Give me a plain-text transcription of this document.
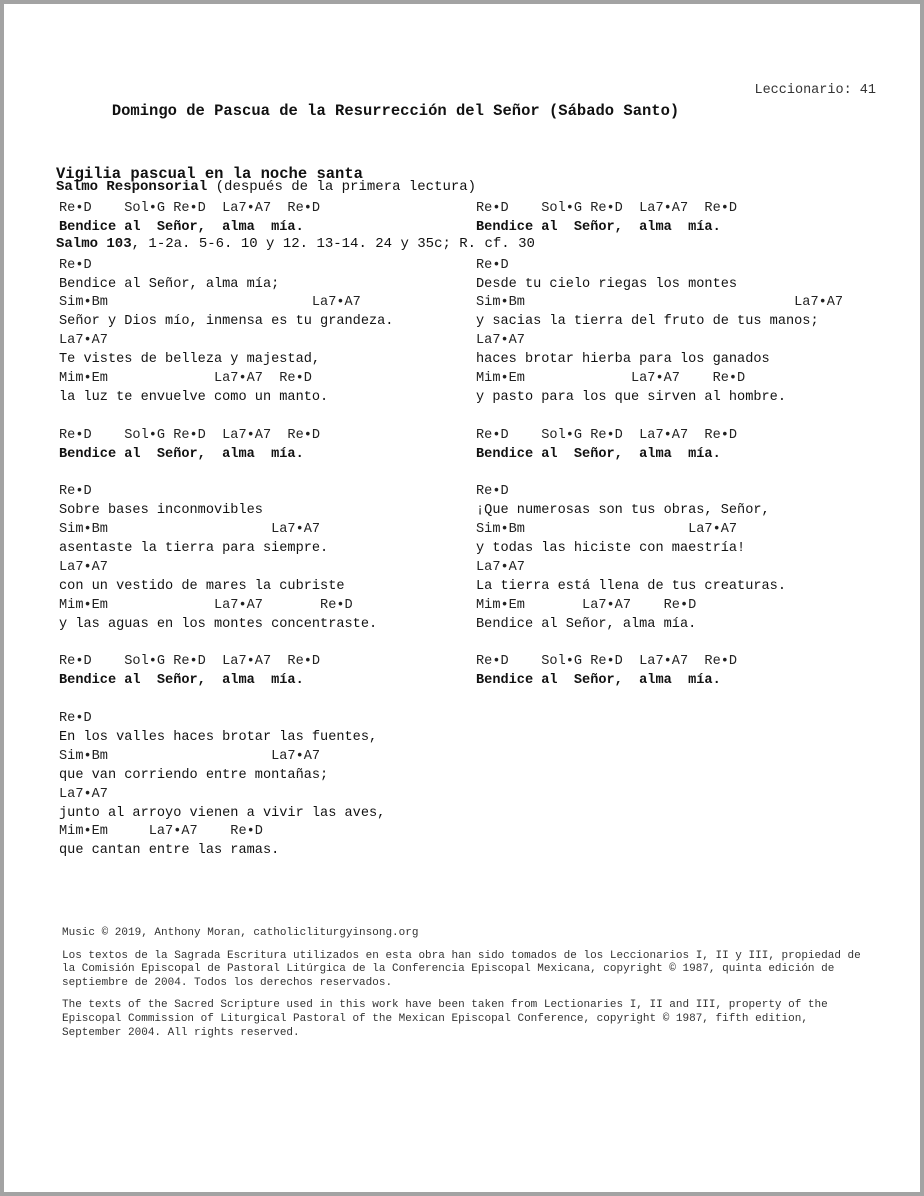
Domingo de Pascua de la Resurrección del Señor (Sábado Santo)

Leccionario: 41

Vigilia pascual en la noche santa

Salmo Responsorial (después de la primera lectura)

Salmo 103, 1-2a. 5-6. 10 y 12. 13-14. 24 y 35c; R. cf. 30

Re•D    Sol•G Re•D  La7•A7  Re•D
Bendice al  Señor,  alma  mía.
Re•D
Bendice al Señor, alma mía;
Sim•Bm                         La7•A7
Señor y Dios mío, inmensa es tu grandeza.
La7•A7
Te vistes de belleza y majestad,
Mim•Em             La7•A7  Re•D
la luz te envuelve como un manto.
Re•D    Sol•G Re•D  La7•A7  Re•D
Bendice al  Señor,  alma  mía.
Re•D
Sobre bases inconmovibles
Sim•Bm                    La7•A7
asentaste la tierra para siempre.
La7•A7
con un vestido de mares la cubriste
Mim•Em             La7•A7       Re•D
y las aguas en los montes concentraste.
Re•D    Sol•G Re•D  La7•A7  Re•D
Bendice al  Señor,  alma  mía.
Re•D
En los valles haces brotar las fuentes,
Sim•Bm                    La7•A7
que van corriendo entre montañas;
La7•A7
junto al arroyo vienen a vivir las aves,
Mim•Em     La7•A7    Re•D
que cantan entre las ramas.
Re•D    Sol•G Re•D  La7•A7  Re•D
Bendice al  Señor,  alma  mía.
Re•D
Desde tu cielo riegas los montes
Sim•Bm                                 La7•A7
y sacias la tierra del fruto de tus manos;
La7•A7
haces brotar hierba para los ganados
Mim•Em             La7•A7    Re•D
y pasto para los que sirven al hombre.
Re•D    Sol•G Re•D  La7•A7  Re•D
Bendice al  Señor,  alma  mía.
Re•D
¡Que numerosas son tus obras, Señor,
Sim•Bm                    La7•A7
y todas las hiciste con maestría!
La7•A7
La tierra está llena de tus creaturas.
Mim•Em       La7•A7    Re•D
Bendice al Señor, alma mía.
Re•D    Sol•G Re•D  La7•A7  Re•D
Bendice al  Señor,  alma  mía.

Music © 2019, Anthony Moran, catholicliturgyinsong.org

Los textos de la Sagrada Escritura utilizados en esta obra han sido tomados de los Leccionarios I, II y III, propiedad de la Comisión Episcopal de Pastoral Litúrgica de la Conferencia Episcopal Mexicana, copyright © 1987, quinta edición de septiembre de 2004. Todos los derechos reservados.

The texts of the Sacred Scripture used in this work have been taken from Lectionaries I, II and III, property of the Episcopal Commission of Liturgical Pastoral of the Mexican Episcopal Conference, copyright © 1987, fifth edition, September 2004. All rights reserved.
